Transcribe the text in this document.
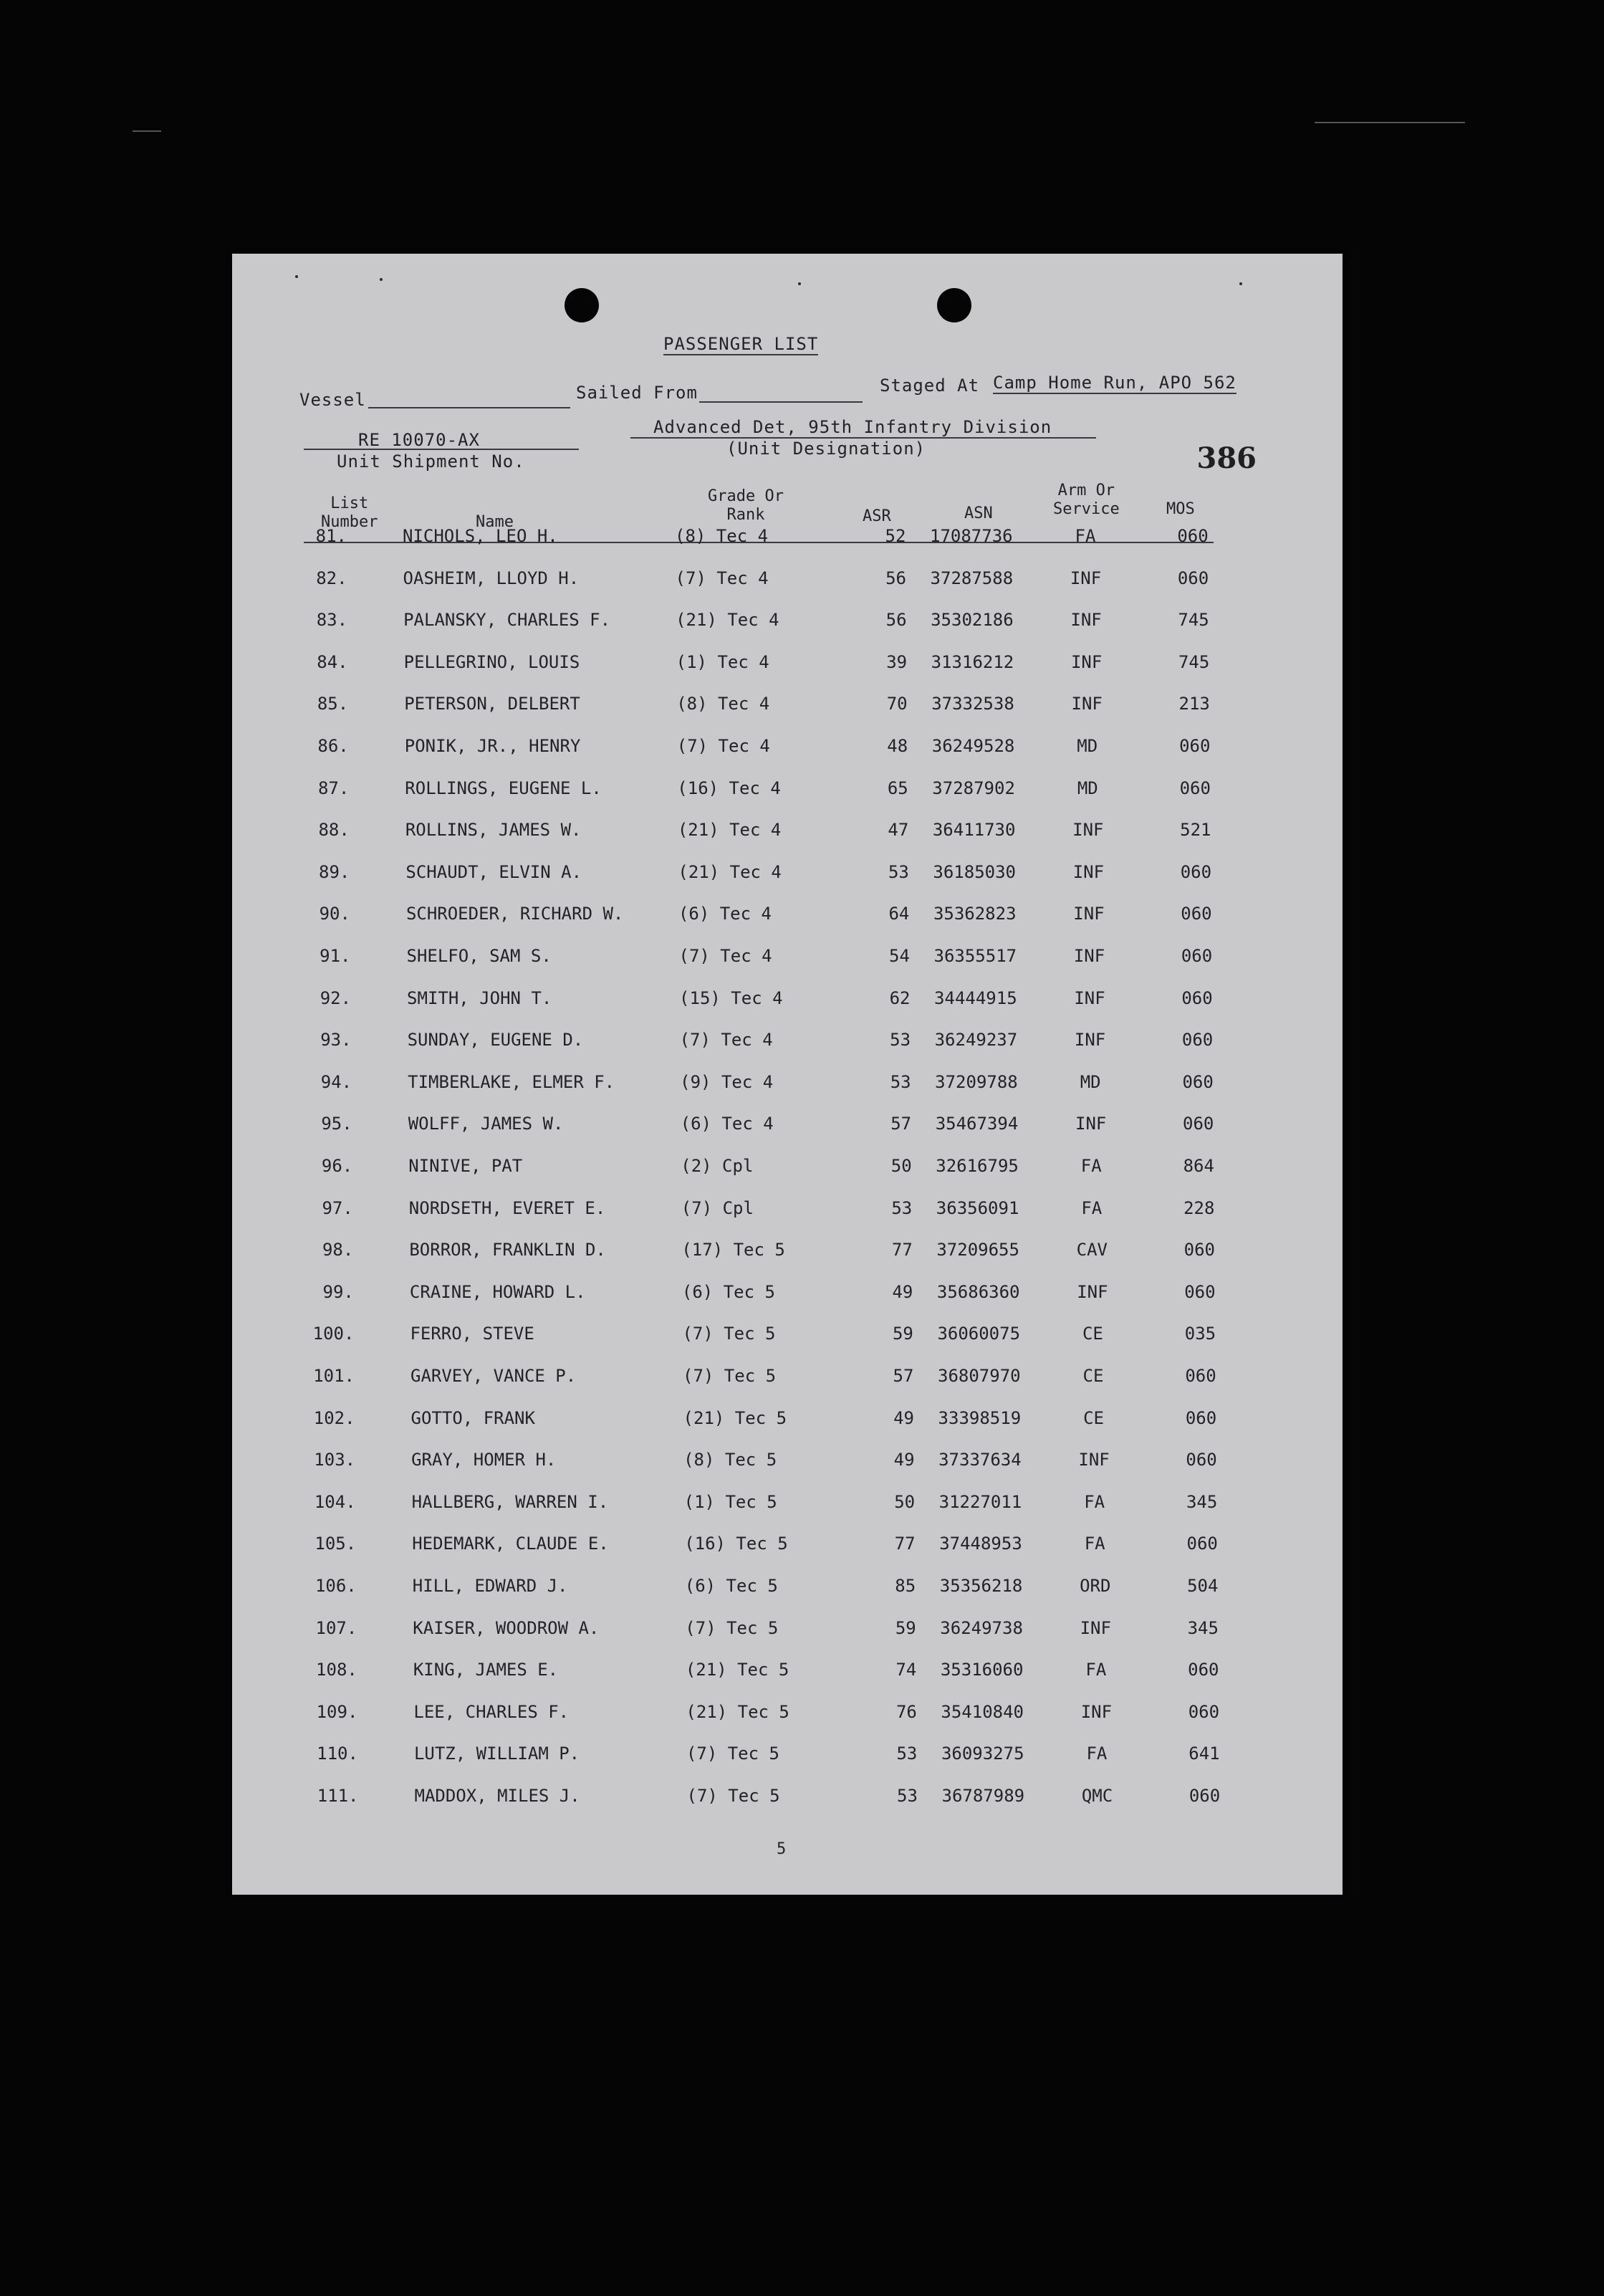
PASSENGER LIST
Vessel	Sailed From	Staged At Camp Home Run, APO 562
RE 10070-AX
Unit Shipment No.
Advanced Det, 95th Infantry Division
(Unit Designation)	386
List
Number	Name
Grade Or
Rank	ASR	ASN
Arm Or
Service	MOS
81.	NICHOLS, LEO H.	(8) Tec 4	52	17087736	FA	060
82.	OASHEIM, LLOYD H.	(7) Tec 4	56	37287588	INF	060
83.	PALANSKY, CHARLES F.	(21) Tec 4	56	35302186	INF	745
84.	PELLEGRINO, LOUIS	(1) Tec 4	39	31316212	INF	745
85.	PETERSON, DELBERT	(8) Tec 4	70	37332538	INF	213
86.	PONIK, JR., HENRY	(7) Tec 4	48	36249528	MD	060
87.	ROLLINGS, EUGENE L.	(16) Tec 4	65	37287902	MD	060
88.	ROLLINS, JAMES W.	(21) Tec 4	47	36411730	INF	521
89.	SCHAUDT, ELVIN A.	(21) Tec 4	53	36185030	INF	060
90.	SCHROEDER, RICHARD W.	(6) Tec 4	64	35362823	INF	060
91.	SHELFO, SAM S.	(7) Tec 4	54	36355517	INF	060
92.	SMITH, JOHN T.	(15) Tec 4	62	34444915	INF	060
93.	SUNDAY, EUGENE D.	(7) Tec 4	53	36249237	INF	060
94.	TIMBERLAKE, ELMER F.	(9) Tec 4	53	37209788	MD	060
95.	WOLFF, JAMES W.	(6) Tec 4	57	35467394	INF	060
96.	NINIVE, PAT	(2) Cpl	50	32616795	FA	864
97.	NORDSETH, EVERET E.	(7) Cpl	53	36356091	FA	228
98.	BORROR, FRANKLIN D.	(17) Tec 5	77	37209655	CAV	060
99.	CRAINE, HOWARD L.	(6) Tec 5	49	35686360	INF	060
100.	FERRO, STEVE	(7) Tec 5	59	36060075	CE	035
101.	GARVEY, VANCE P.	(7) Tec 5	57	36807970	CE	060
102.	GOTTO, FRANK	(21) Tec 5	49	33398519	CE	060
103.	GRAY, HOMER H.	(8) Tec 5	49	37337634	INF	060
104.	HALLBERG, WARREN I.	(1) Tec 5	50	31227011	FA	345
105.	HEDEMARK, CLAUDE E.	(16) Tec 5	77	37448953	FA	060
106.	HILL, EDWARD J.	(6) Tec 5	85	35356218	ORD	504
107.	KAISER, WOODROW A.	(7) Tec 5	59	36249738	INF	345
108.	KING, JAMES E.	(21) Tec 5	74	35316060	FA	060
109.	LEE, CHARLES F.	(21) Tec 5	76	35410840	INF	060
110.	LUTZ, WILLIAM P.	(7) Tec 5	53	36093275	FA	641
111.	MADDOX, MILES J.	(7) Tec 5	53	36787989	QMC	060
5
